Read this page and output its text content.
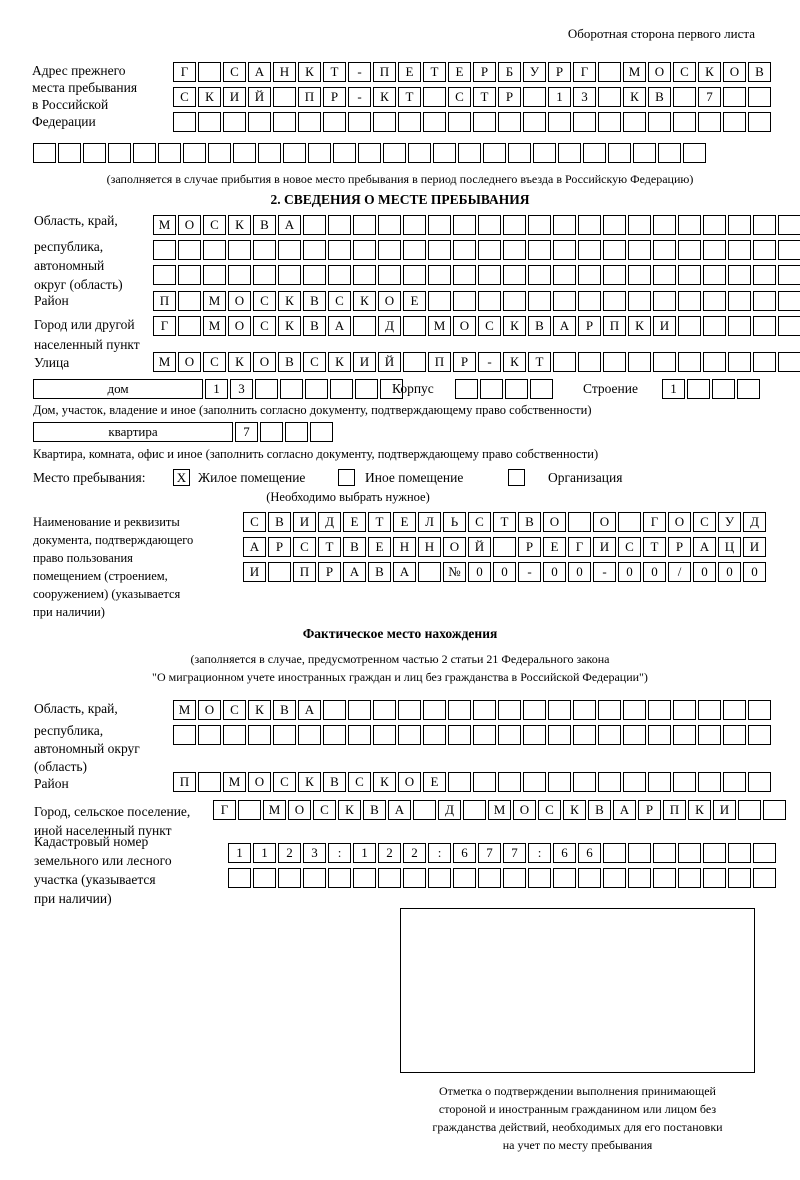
Оборотная сторона первого листа
Адрес прежнего
места пребывания
в Российской
Федерации
Г	С	А	Н	К	Т	-	П	Е	Т	Е	Р	Б	У	Р	Г	М	О	С	К	О	В
С	К	И	Й	П	Р	-	К	Т	С	Т	Р	1	3	К	В	7
(заполняется в случае прибытия в новое место пребывания в период последнего въезда в Российскую Федерацию)
2. СВЕДЕНИЯ О МЕСТЕ ПРЕБЫВАНИЯ
Область, край,
республика,
автономный
округ (область)
М	О	С	К	В	А
Район	П	М	О	С	К	В	С	К	О	Е
Город или другой
населенный пункт
Г	М	О	С	К	В	А	Д	М	О	С	К	В	А	Р	П	К	И
Улица	М	О	С	К	О	В	С	К	И	Й	П	Р	-	К	Т
дом	1	3	Корпус	Строение	1
Дом, участок, владение и иное (заполнить согласно документу, подтверждающему право собственности)
квартира	7
Квартира, комната, офис и иное (заполнить согласно документу, подтверждающему право собственности)
Место пребывания: X Жилое помещение	Иное помещение	Организация
(Необходимо выбрать нужное)
Наименование и реквизиты
документа, подтверждающего
право пользования
помещением (строением,
сооружением) (указывается
при наличии)
С	В	И	Д	Е	Т	Е	Л	Ь	С	Т	В	О	О	Г	О	С	У	Д
А	Р	С	Т	В	Е	Н	Н	О	Й	Р	Е	Г	И	С	Т	Р	А	Ц	И
И	П	Р	А	В	А	№	0	0	-	0	0	-	0	0	/	0	0	0
Фактическое место нахождения
(заполняется в случае, предусмотренном частью 2 статьи 21 Федерального закона
"О миграционном учете иностранных граждан и лиц без гражданства в Российской Федерации")
Область, край,
республика,
автономный округ
(область)
М	О	С	К	В	А
Район	П	М	О	С	К	В	С	К	О	Е
Город, сельское поселение,
иной населенный пункт
Г	М	О	С	К	В	А	Д	М	О	С	К	В	А	Р	П	К	И
Кадастровый номер
земельного или лесного
участка (указывается
при наличии)
1	1	2	3	:	1	2	2	:	6	7	7	:	6	6
Отметка о подтверждении выполнения принимающей
стороной и иностранным гражданином или лицом без
гражданства действий, необходимых для его постановки
на учет по месту пребывания
